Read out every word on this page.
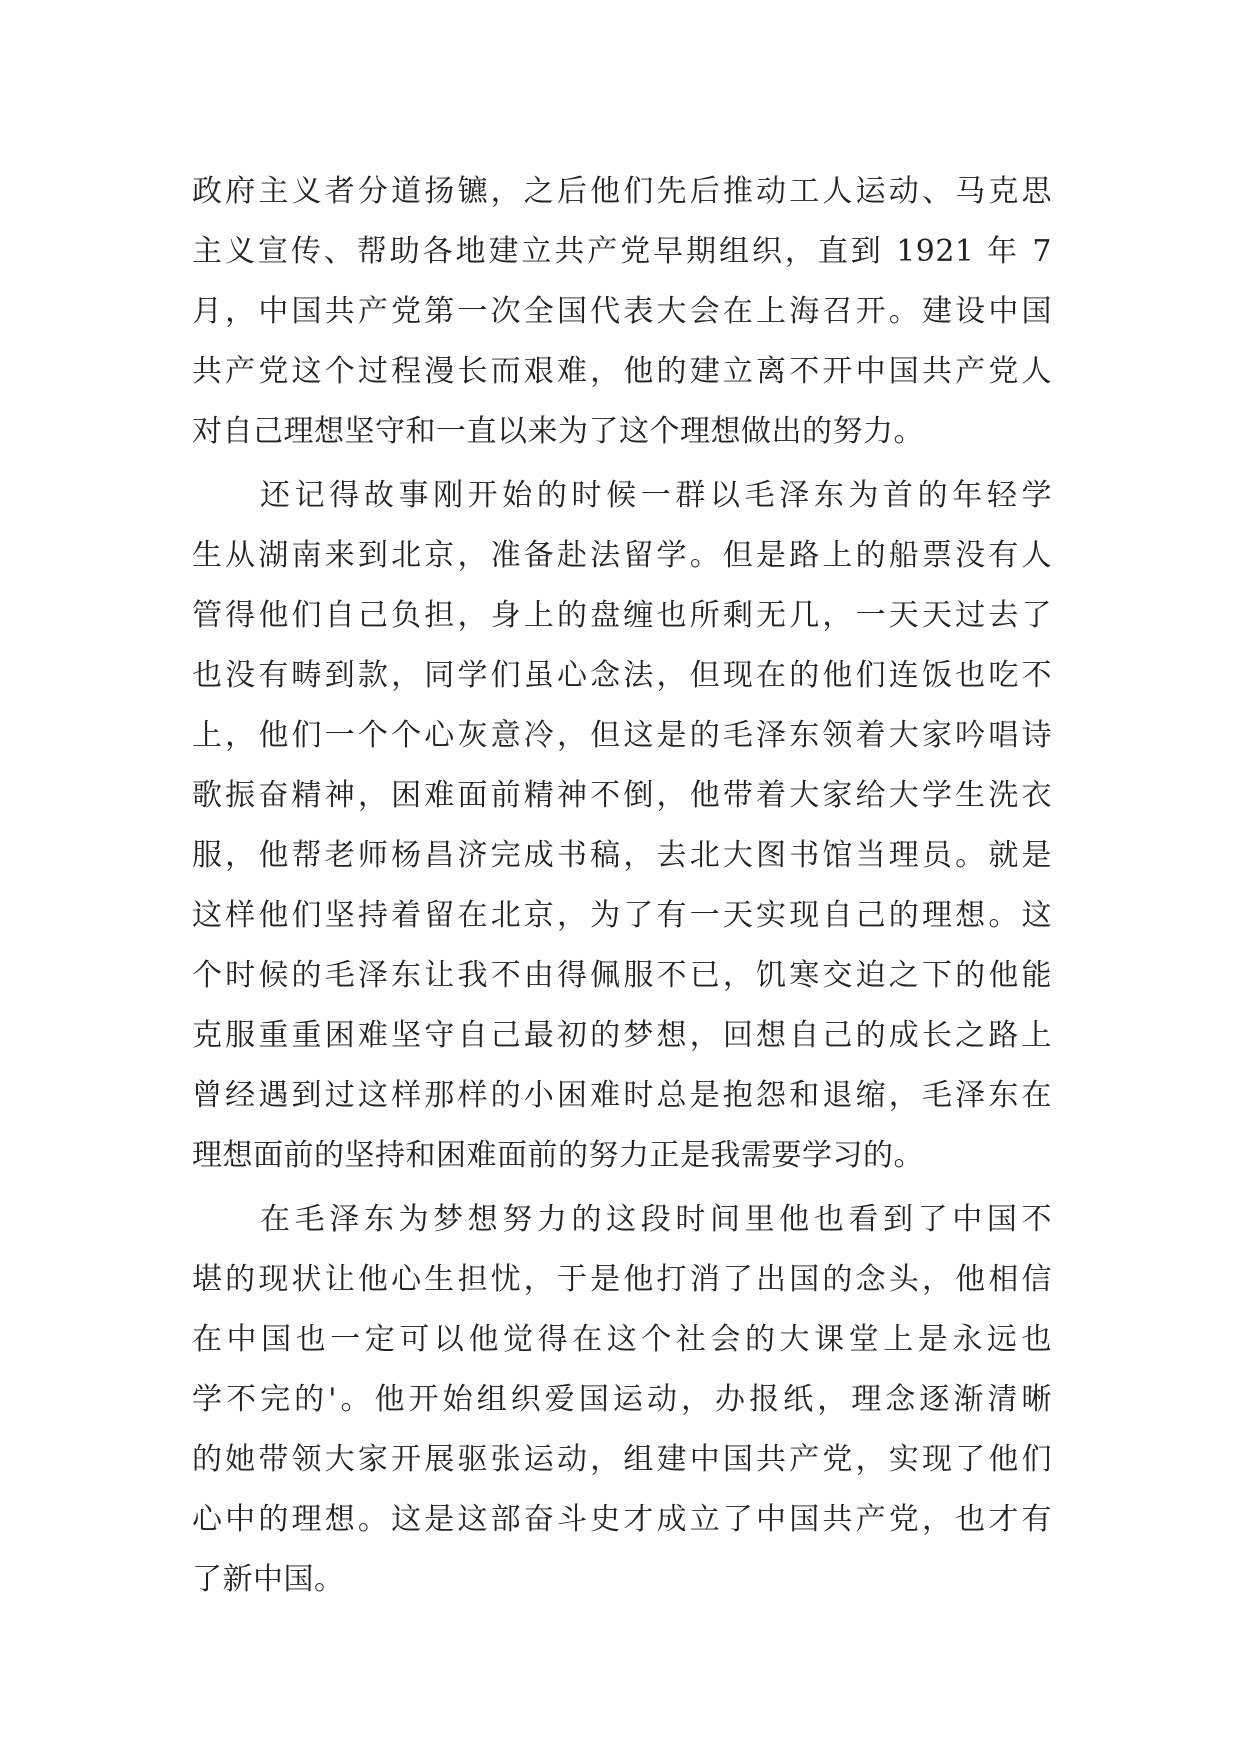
政府主义者分道扬镳，之后他们先后推动工人运动、马克思
主义宣传、帮助各地建立共产党早期组织，直到 1921 年 7
月，中国共产党第一次全国代表大会在上海召开。建设中国
共产党这个过程漫长而艰难，他的建立离不开中国共产党人
对自己理想坚守和一直以来为了这个理想做出的努力。
还记得故事刚开始的时候一群以毛泽东为首的年轻学
生从湖南来到北京，准备赴法留学。但是路上的船票没有人
管得他们自己负担，身上的盘缠也所剩无几，一天天过去了
也没有畴到款，同学们虽心念法，但现在的他们连饭也吃不
上，他们一个个心灰意冷，但这是的毛泽东领着大家吟唱诗
歌振奋精神，困难面前精神不倒，他带着大家给大学生洗衣
服，他帮老师杨昌济完成书稿，去北大图书馆当理员。就是
这样他们坚持着留在北京，为了有一天实现自己的理想。这
个时候的毛泽东让我不由得佩服不已，饥寒交迫之下的他能
克服重重困难坚守自己最初的梦想，回想自己的成长之路上
曾经遇到过这样那样的小困难时总是抱怨和退缩，毛泽东在
理想面前的坚持和困难面前的努力正是我需要学习的。
在毛泽东为梦想努力的这段时间里他也看到了中国不
堪的现状让他心生担忧，于是他打消了出国的念头，他相信
在中国也一定可以他觉得在这个社会的大课堂上是永远也
学不完的'。他开始组织爱国运动，办报纸，理念逐渐清晰
的她带领大家开展驱张运动，组建中国共产党，实现了他们
心中的理想。这是这部奋斗史才成立了中国共产党，也才有
了新中国。
